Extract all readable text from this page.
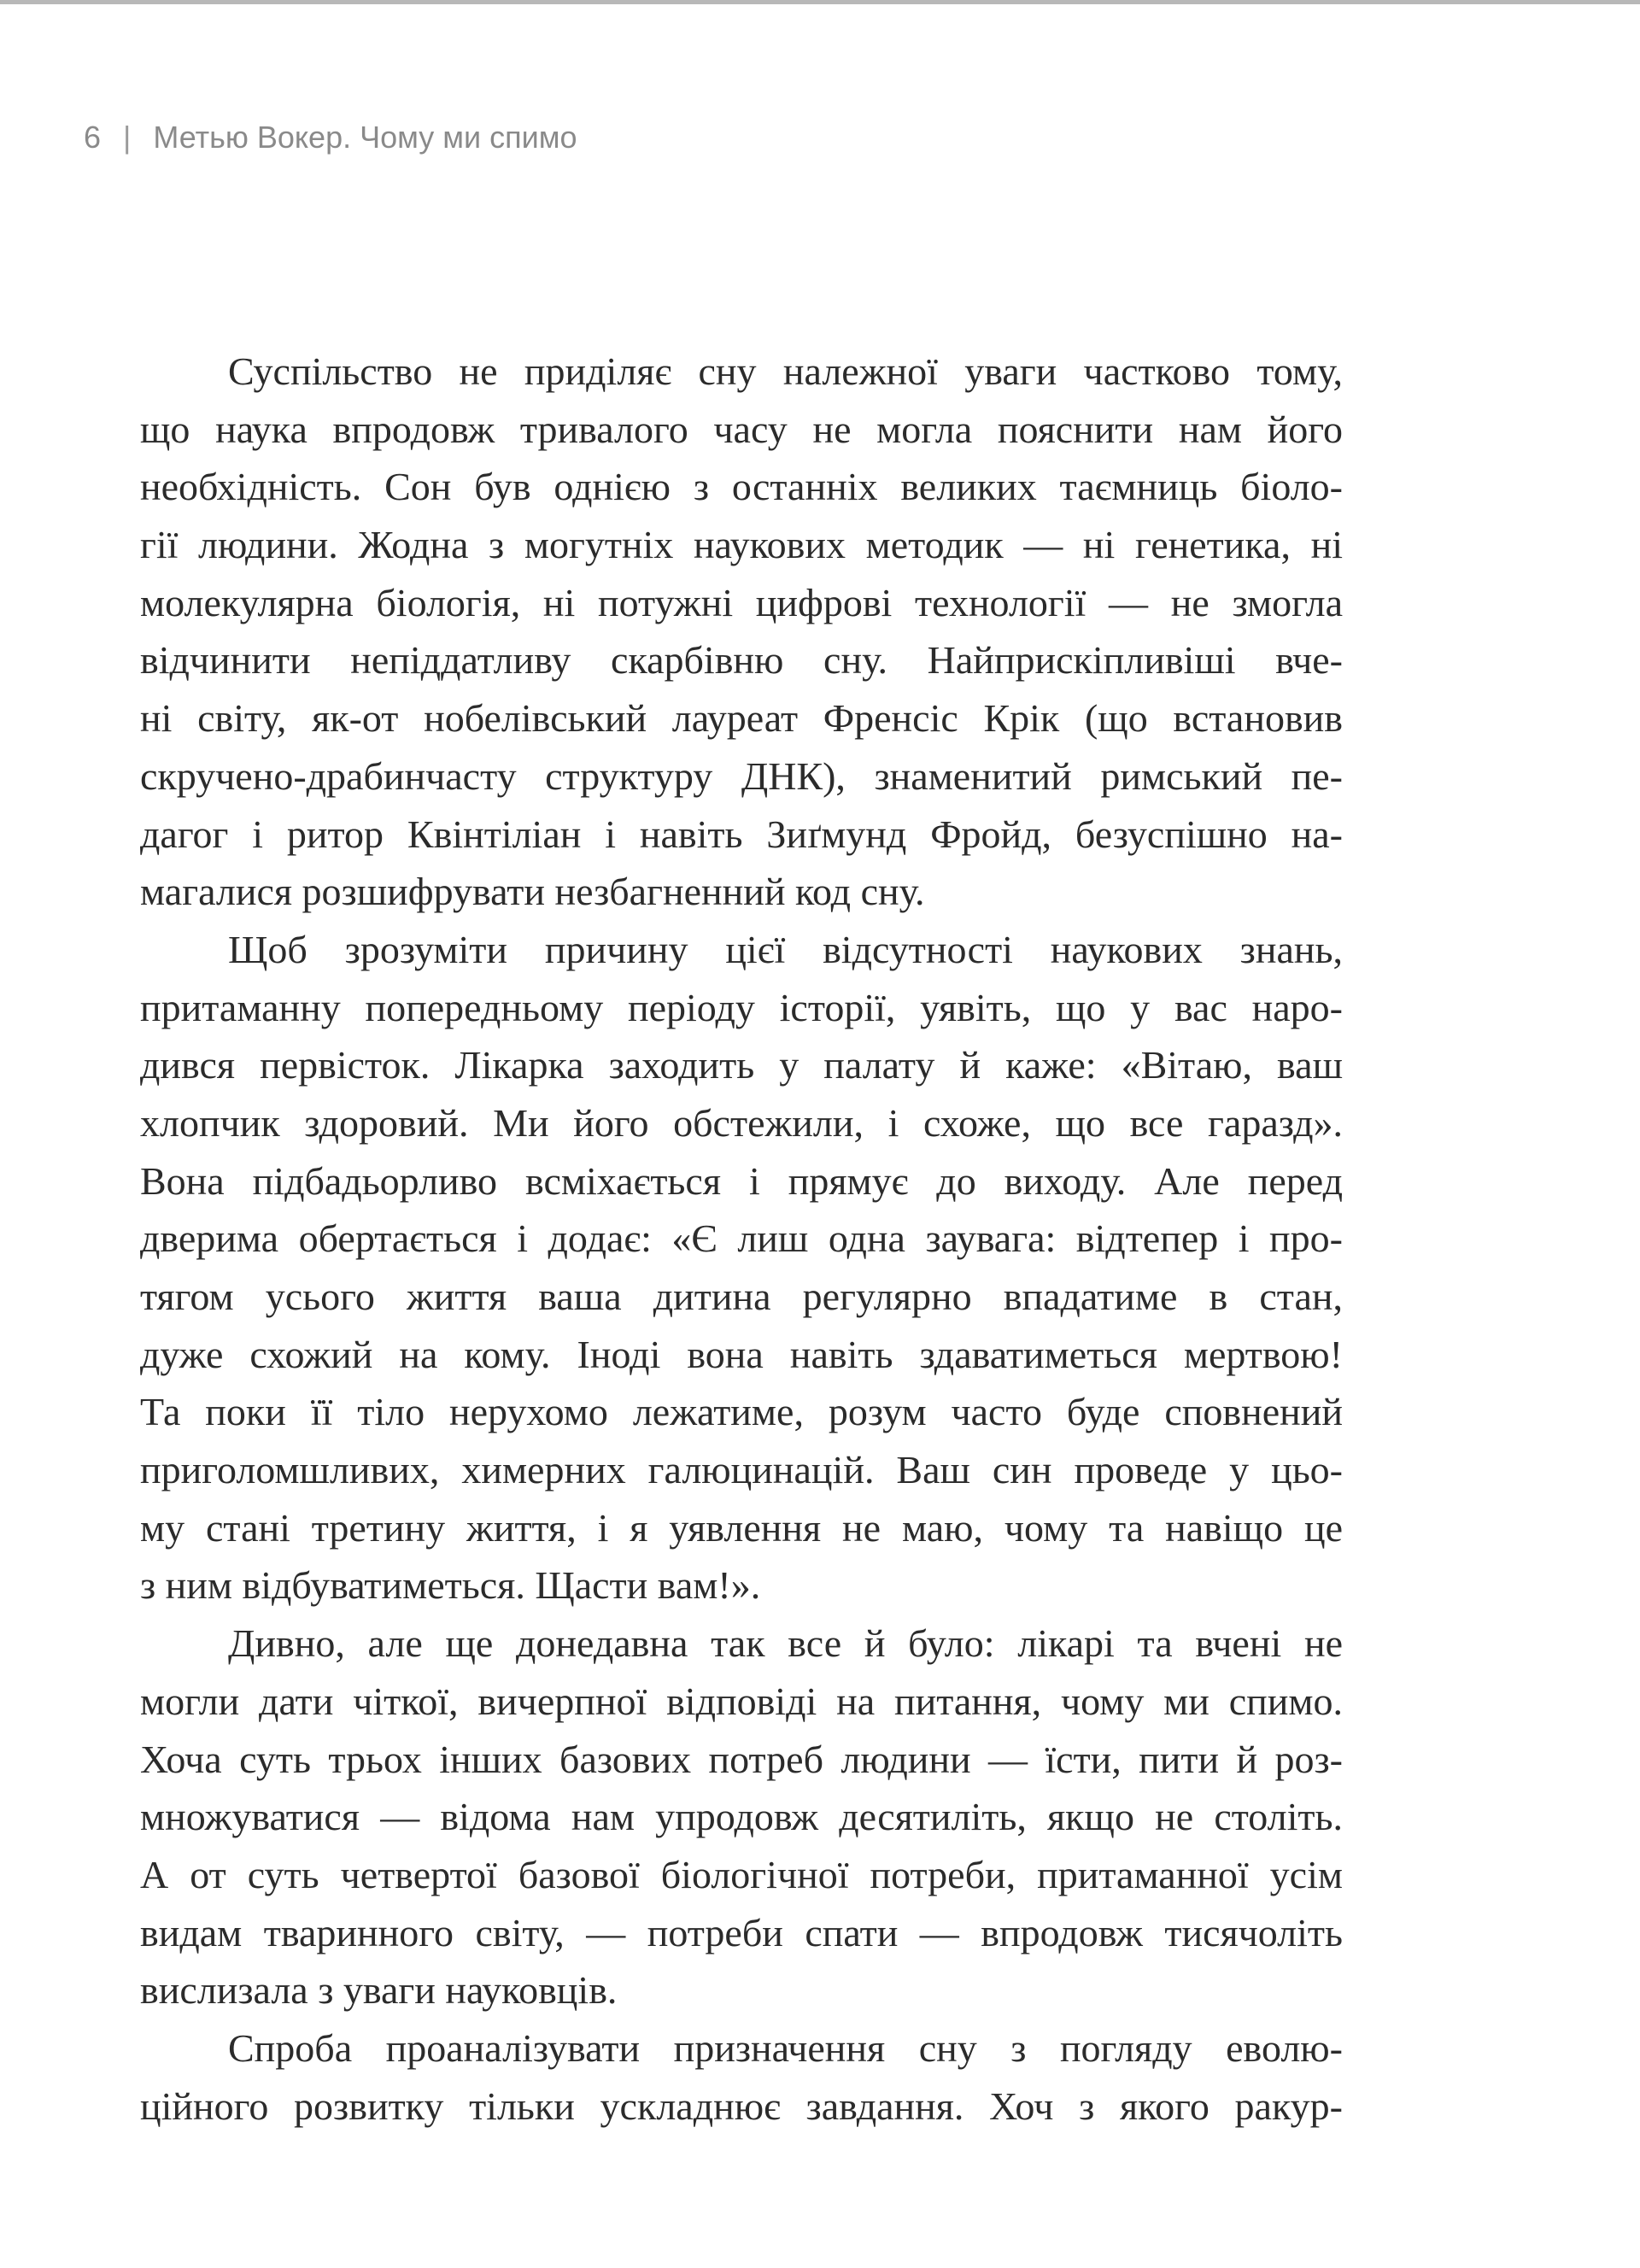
6 | Метью Вокер. Чому ми спимо
Суспільство не приділяє сну належної уваги частково тому,
що наука впродовж тривалого часу не могла пояснити нам його
необхідність. Сон був однією з останніх великих таємниць біоло-
гії людини. Жодна з могутніх наукових методик — ні генетика, ні
молекулярна біологія, ні потужні цифрові технології — не змогла
відчинити непіддатливу скарбівню сну. Найприскіпливіші вче-
ні світу, як-от нобелівський лауреат Френсіс Крік (що встановив
скручено-драбинчасту структуру ДНК), знаменитий римський пе-
дагог і ритор Квінтіліан і навіть Зиґмунд Фройд, безуспішно на-
магалися розшифрувати незбагненний код сну.
Щоб зрозуміти причину цієї відсутності наукових знань,
притаманну попередньому періоду історії, уявіть, що у вас наро-
дився первісток. Лікарка заходить у палату й каже: «Вітаю, ваш
хлопчик здоровий. Ми його обстежили, і схоже, що все гаразд».
Вона підбадьорливо всміхається і прямує до виходу. Але перед
дверима обертається і додає: «Є лиш одна заувага: відтепер і про-
тягом усього життя ваша дитина регулярно впадатиме в стан,
дуже схожий на кому. Іноді вона навіть здаватиметься мертвою!
Та поки її тіло нерухомо лежатиме, розум часто буде сповнений
приголомшливих, химерних галюцинацій. Ваш син проведе у цьо-
му стані третину життя, і я уявлення не маю, чому та навіщо це
з ним відбуватиметься. Щасти вам!».
Дивно, але ще донедавна так все й було: лікарі та вчені не
могли дати чіткої, вичерпної відповіді на питання, чому ми спимо.
Хоча суть трьох інших базових потреб людини — їсти, пити й роз-
множуватися — відома нам упродовж десятиліть, якщо не століть.
А от суть четвертої базової біологічної потреби, притаманної усім
видам тваринного світу, — потреби спати — впродовж тисячоліть
вислизала з уваги науковців.
Спроба проаналізувати призначення сну з погляду еволю-
ційного розвитку тільки ускладнює завдання. Хоч з якого ракур-
